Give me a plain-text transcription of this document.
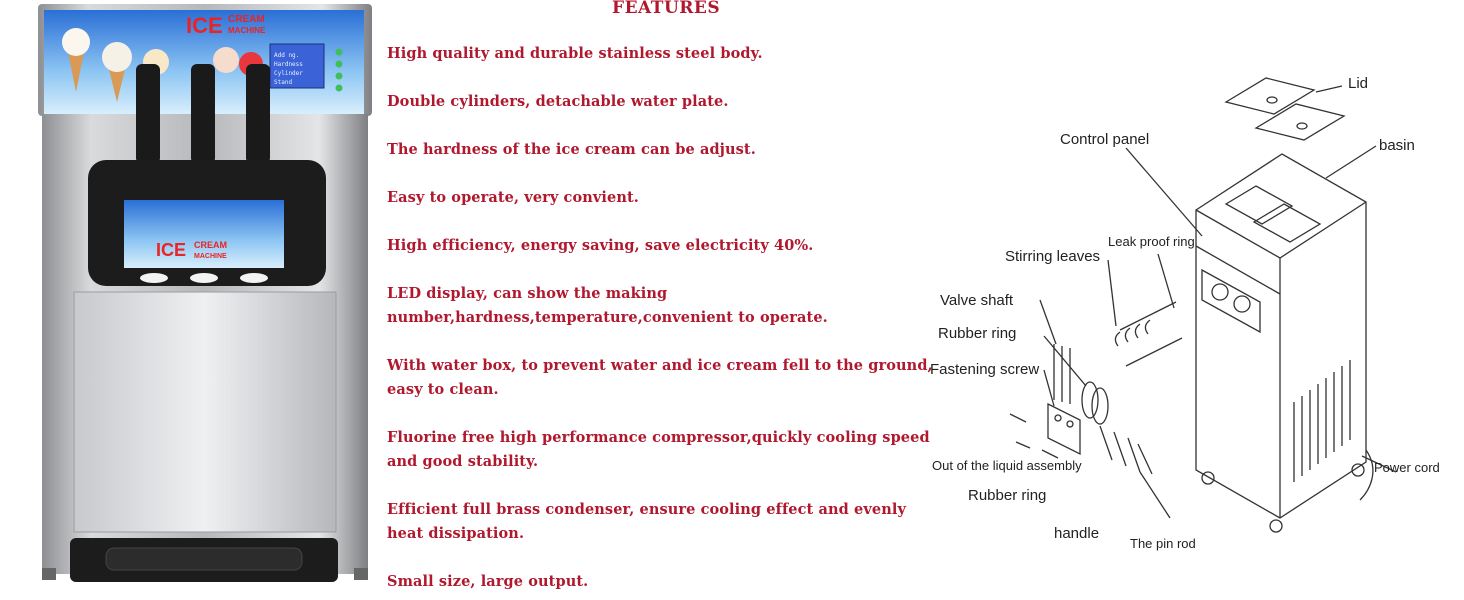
ICE CREAM
MACHINE
Add ng.
Hardness
Cylinder
Stand
ICE CREAM
MACHINE
FEATURES
High quality and durable stainless steel body.
Double cylinders, detachable water plate.
The hardness of the ice cream can be adjust.
Easy to operate, very convient.
High efficiency, energy saving, save electricity 40%.
LED display, can show the making number,hardness,temperature,convenient to operate.
With water box, to prevent water and ice cream fell to the ground, easy to clean.
Fluorine free high performance compressor,quickly cooling speed and good stability.
Efficient full brass condenser, ensure cooling effect and evenly heat dissipation.
Small size, large output.
Lid
Control panel	basin
Leak proof ring
Stirring leaves
Valve shaft
Rubber ring
Fastening screw
Out of the liquid assembly
Rubber ring
handle
The pin rod
Power cord
